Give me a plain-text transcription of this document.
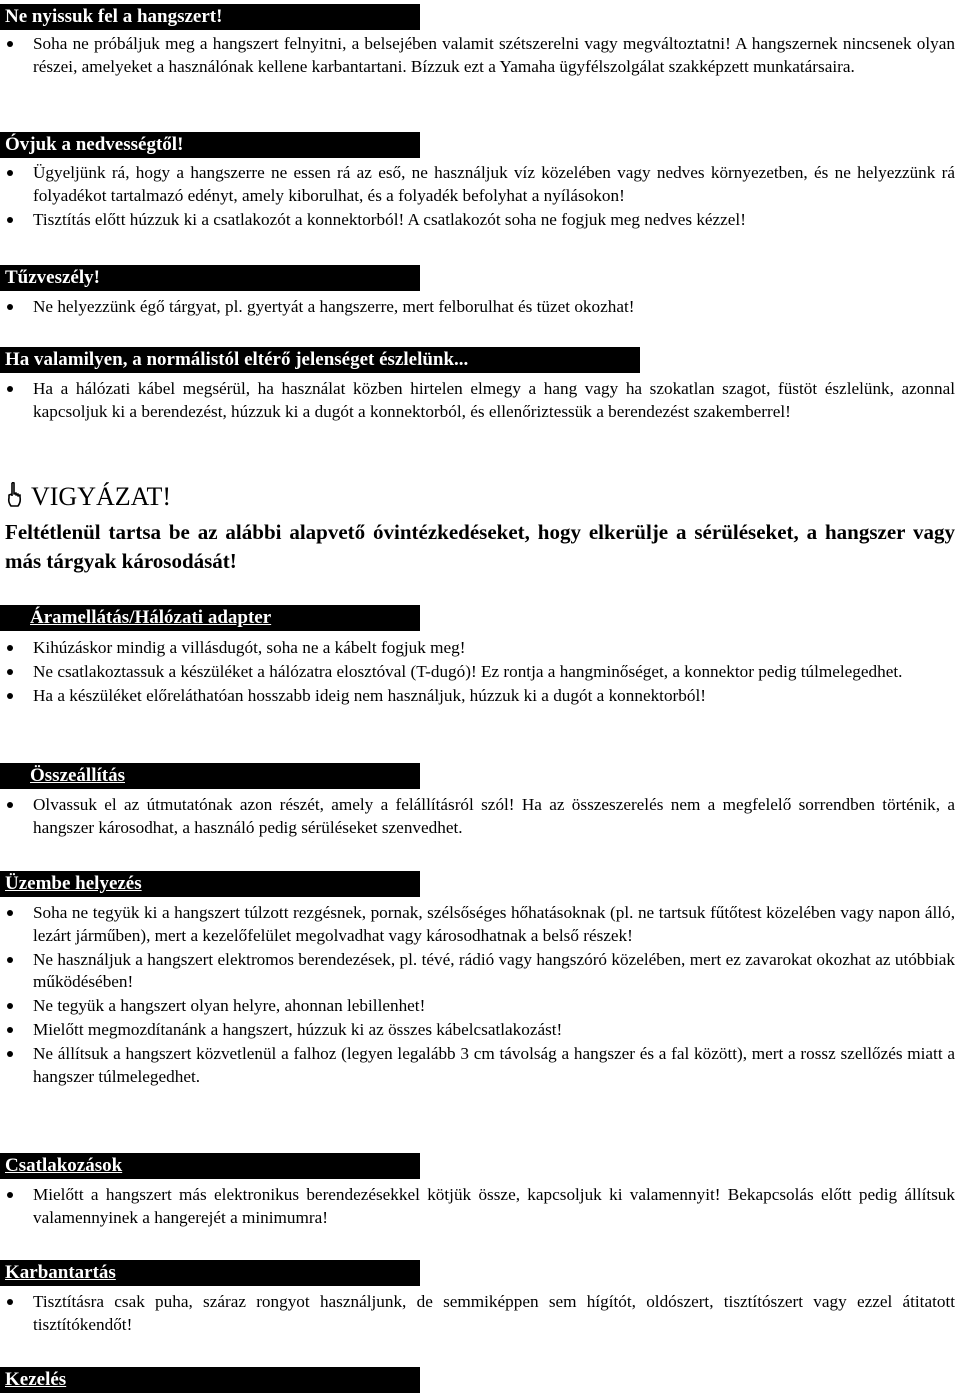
Ne nyissuk fel a hangszert!
Soha ne próbáljuk meg a hangszert felnyitni, a belsejében valamit szétszerelni vagy megváltoztatni! A hangszernek nincsenek olyan részei, amelyeket a használónak kellene karbantartani. Bízzuk ezt a Yamaha ügyfélszolgálat szakképzett munkatársaira.
Óvjuk a nedvességtől!
Ügyeljünk rá, hogy a hangszerre ne essen rá az eső, ne használjuk víz közelében vagy nedves környezetben, és ne helyezzünk rá folyadékot tartalmazó edényt, amely kiborulhat, és a folyadék befolyhat a nyílásokon!
Tisztítás előtt húzzuk ki a csatlakozót a konnektorból! A csatlakozót soha ne fogjuk meg nedves kézzel!
Tűzveszély!
Ne helyezzünk égő tárgyat, pl. gyertyát a hangszerre, mert felborulhat és tüzet okozhat!
Ha valamilyen, a normálistól eltérő jelenséget észlelünk...
Ha a hálózati kábel megsérül, ha használat közben hirtelen elmegy a hang vagy ha szokatlan szagot, füstöt észlelünk, azonnal kapcsoljuk ki a berendezést, húzzuk ki a dugót a konnektorból, és ellenőriztessük a berendezést szakemberrel!
VIGYÁZAT!
Feltétlenül tartsa be az alábbi alapvető óvintézkedéseket, hogy elkerülje a sérüléseket, a hangszer vagy más tárgyak károsodását!
Áramellátás/Hálózati adapter
Kihúzáskor mindig a villásdugót, soha ne a kábelt fogjuk meg!
Ne csatlakoztassuk a készüléket a hálózatra elosztóval (T-dugó)! Ez rontja a hangminőséget, a konnektor pedig túlmelegedhet.
Ha a készüléket előreláthatóan hosszabb ideig nem használjuk, húzzuk ki a dugót a konnektorból!
Összeállítás
Olvassuk el az útmutatónak azon részét, amely a felállításról szól! Ha az összeszerelés nem a megfelelő sorrendben történik, a hangszer károsodhat, a használó pedig sérüléseket szenvedhet.
Üzembe helyezés
Soha ne tegyük ki a hangszert túlzott rezgésnek, pornak, szélsőséges hőhatásoknak (pl. ne tartsuk fűtőtest közelében vagy napon álló, lezárt járműben), mert a kezelőfelület megolvadhat vagy károsodhatnak a belső részek!
Ne használjuk a hangszert elektromos berendezések, pl. tévé, rádió vagy hangszóró közelében, mert ez zavarokat okozhat az utóbbiak működésében!
Ne tegyük a hangszert olyan helyre, ahonnan lebillenhet!
Mielőtt megmozdítanánk a hangszert, húzzuk ki az összes kábelcsatlakozást!
Ne állítsuk a hangszert közvetlenül a falhoz (legyen legalább 3 cm távolság a hangszer és a fal között), mert a rossz szellőzés miatt a hangszer túlmelegedhet.
Csatlakozások
Mielőtt a hangszert más elektronikus berendezésekkel kötjük össze, kapcsoljuk ki valamennyit! Bekapcsolás előtt pedig állítsuk valamennyinek a hangerejét a minimumra!
Karbantartás
Tisztításra csak puha, száraz rongyot használjunk, de semmiképpen sem hígítót, oldószert, tisztítószert vagy ezzel átitatott tisztítókendőt!
Kezelés
